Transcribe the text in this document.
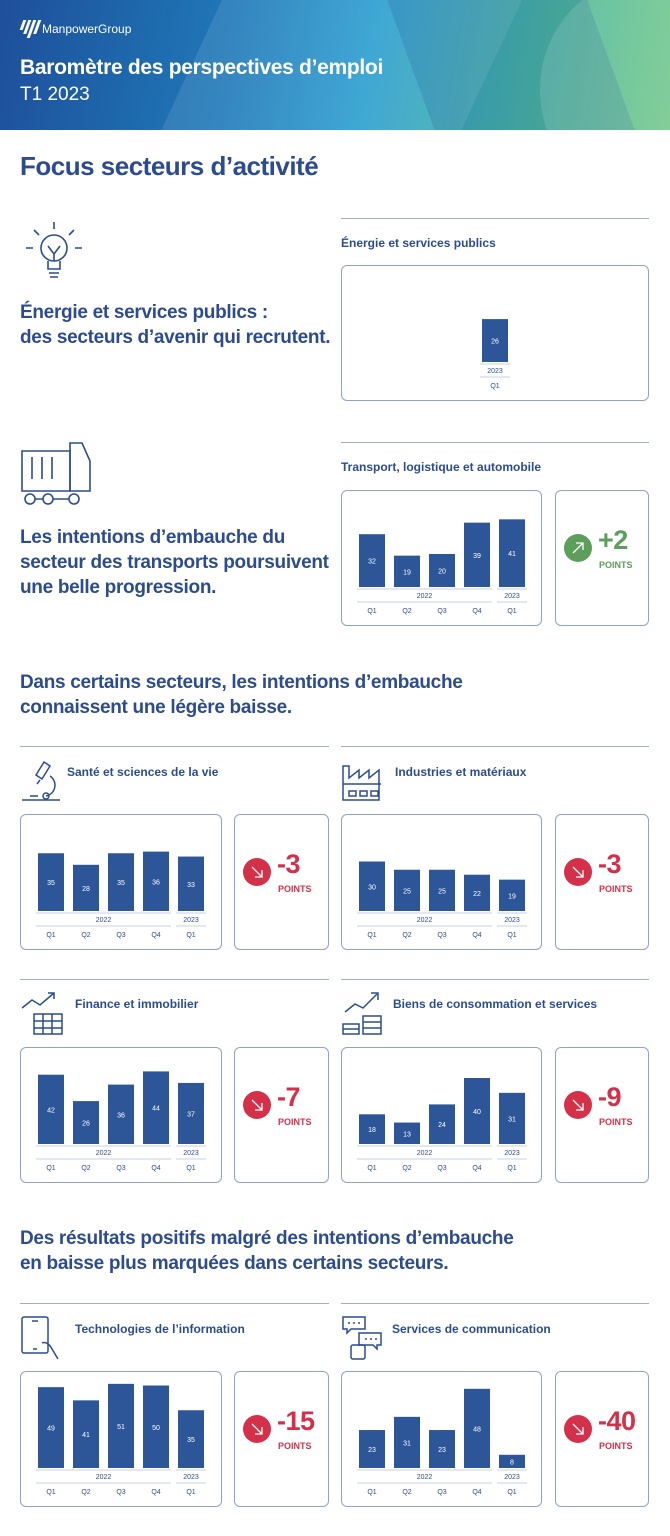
ManpowerGroup
Baromètre des perspectives d’emploi
T1 2023
Focus secteurs d’activité
Énergie et services publics :
des secteurs d’avenir qui recrutent.
Énergie et services publics
26
Q1
2023
Les intentions d’embauche du
secteur des transports poursuivent
une belle progression.
Transport, logistique et automobile
32
Q1
19
Q2
20
Q3
39
Q4
41
Q1
2022	2023
+2
POINTS
Dans certains secteurs, les intentions d’embauche
connaissent une légère baisse.
Santé et sciences de la vie
35
Q1
28
Q2
35
Q3
36
Q4
33
Q1
2022	2023
-3
POINTS
Industries et matériaux
30
Q1
25
Q2
25
Q3
22
Q4
19
Q1
2022	2023
-3
POINTS
Finance et immobilier
42
Q1
26
Q2
36
Q3
44
Q4
37
Q1
2022	2023
-7
POINTS
Biens de consommation et services
18
Q1
13
Q2
24
Q3
40
Q4
31
Q1
2022	2023
-9
POINTS
Des résultats positifs malgré des intentions d’embauche
en baisse plus marquées dans certains secteurs.
Technologies de l’information
49
Q1
41
Q2
51
Q3
50
Q4
35
Q1
2022	2023
-15
POINTS
Services de communication
23
Q1
31
Q2
23
Q3
48
Q4
8
Q1
2022	2023
-40
POINTS
